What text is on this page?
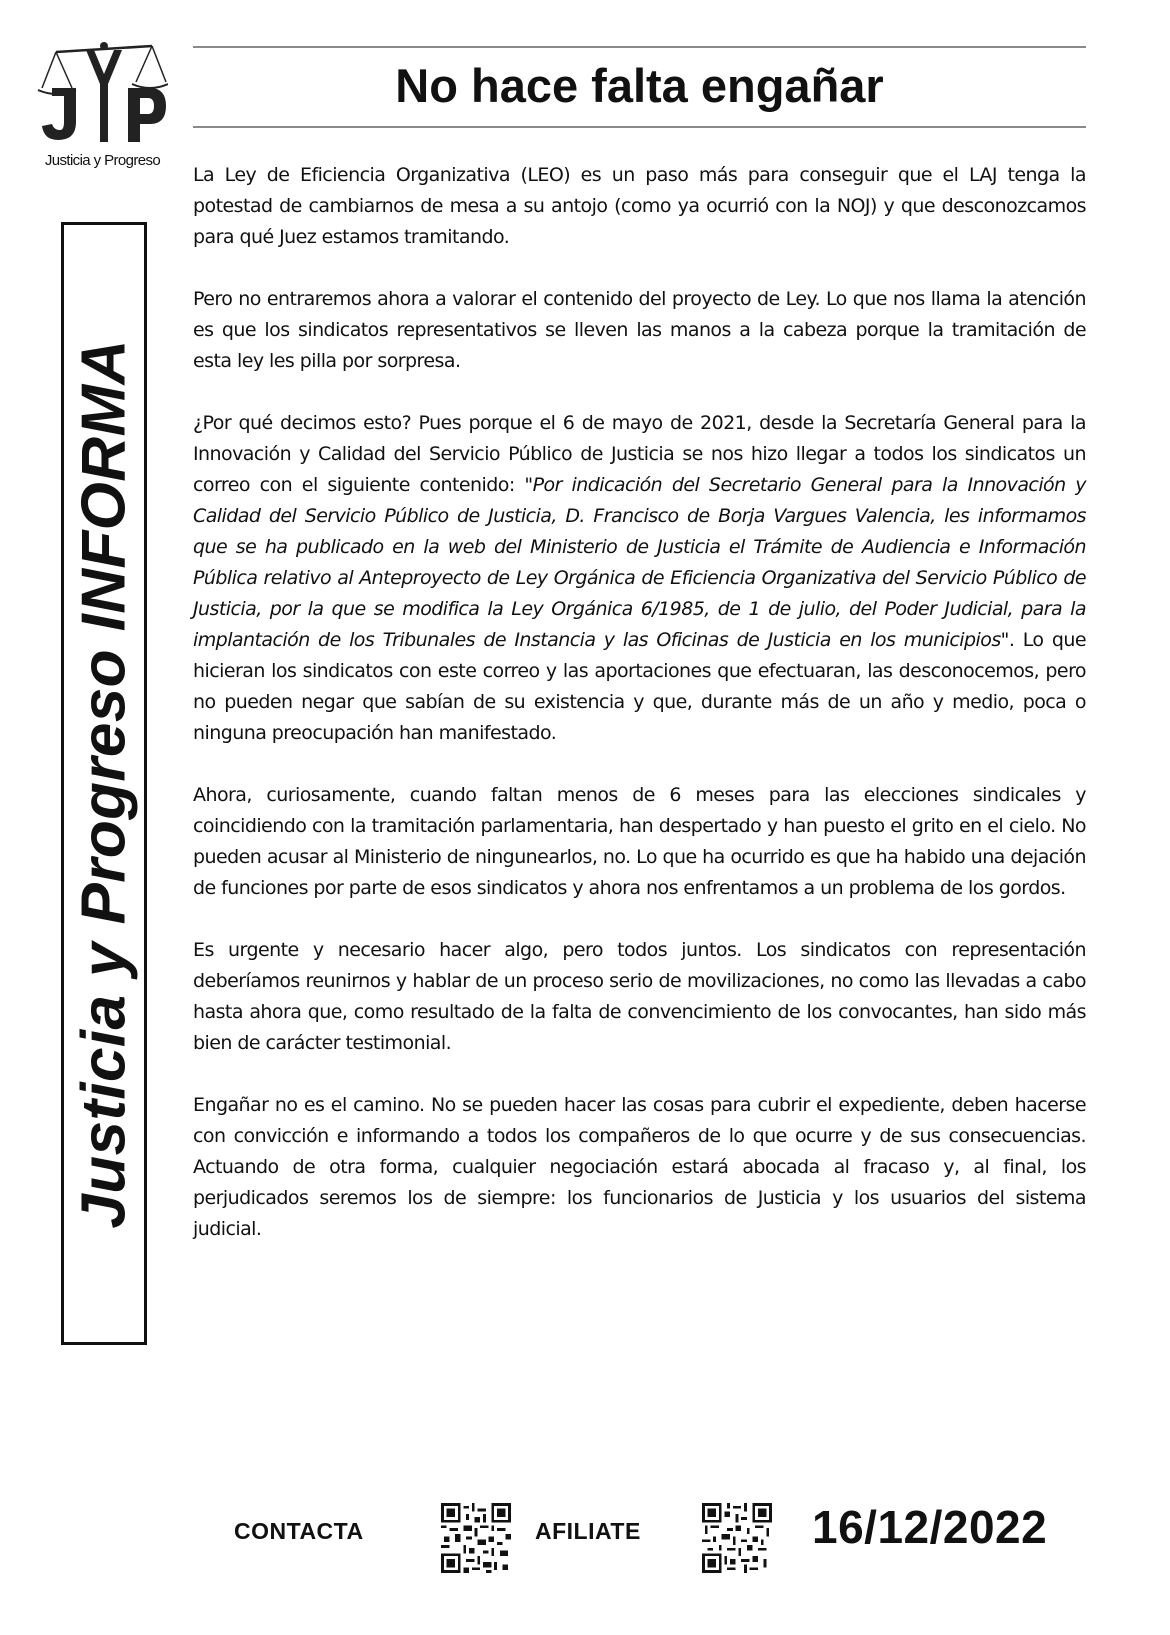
Justicia y Progreso
Justicia y Progreso INFORMA
No hace falta engañar

La Ley de Eficiencia Organizativa (LEO) es un paso más para conseguir que el LAJ tenga la potestad de cambiarnos de mesa a su antojo (como ya ocurrió con la NOJ) y que desconozcamos para qué Juez estamos tramitando.

Pero no entraremos ahora a valorar el contenido del proyecto de Ley. Lo que nos llama la atención es que los sindicatos representativos se lleven las manos a la cabeza porque la tramitación de esta ley les pilla por sorpresa.

¿Por qué decimos esto? Pues porque el 6 de mayo de 2021, desde la Secretaría General para la Innovación y Calidad del Servicio Público de Justicia se nos hizo llegar a todos los sindicatos un correo con el siguiente contenido: "Por indicación del Secretario General para la Innovación y Calidad del Servicio Público de Justicia, D. Francisco de Borja Vargues Valencia, les informamos que se ha publicado en la web del Ministerio de Justicia el Trámite de Audiencia e Información Pública relativo al Anteproyecto de Ley Orgánica de Eficiencia Organizativa del Servicio Público de Justicia, por la que se modifica la Ley Orgánica 6/1985, de 1 de julio, del Poder Judicial, para la implantación de los Tribunales de Instancia y las Oficinas de Justicia en los municipios". Lo que hicieran los sindicatos con este correo y las aportaciones que efectuaran, las desconocemos, pero no pueden negar que sabían de su existencia y que, durante más de un año y medio, poca o ninguna preocupación han manifestado.

Ahora, curiosamente, cuando faltan menos de 6 meses para las elecciones sindicales y coincidiendo con la tramitación parlamentaria, han despertado y han puesto el grito en el cielo. No pueden acusar al Ministerio de ningunearlos, no. Lo que ha ocurrido es que ha habido una dejación de funciones por parte de esos sindicatos y ahora nos enfrentamos a un problema de los gordos.

Es urgente y necesario hacer algo, pero todos juntos. Los sindicatos con representación deberíamos reunirnos y hablar de un proceso serio de movilizaciones, no como las llevadas a cabo hasta ahora que, como resultado de la falta de convencimiento de los convocantes, han sido más bien de carácter testimonial.

Engañar no es el camino. No se pueden hacer las cosas para cubrir el expediente, deben hacerse con convicción e informando a todos los compañeros de lo que ocurre y de sus consecuencias. Actuando de otra forma, cualquier negociación estará abocada al fracaso y, al final, los perjudicados seremos los de siempre: los funcionarios de Justicia y los usuarios del sistema judicial.

CONTACTA	AFILIATE	16/12/2022
